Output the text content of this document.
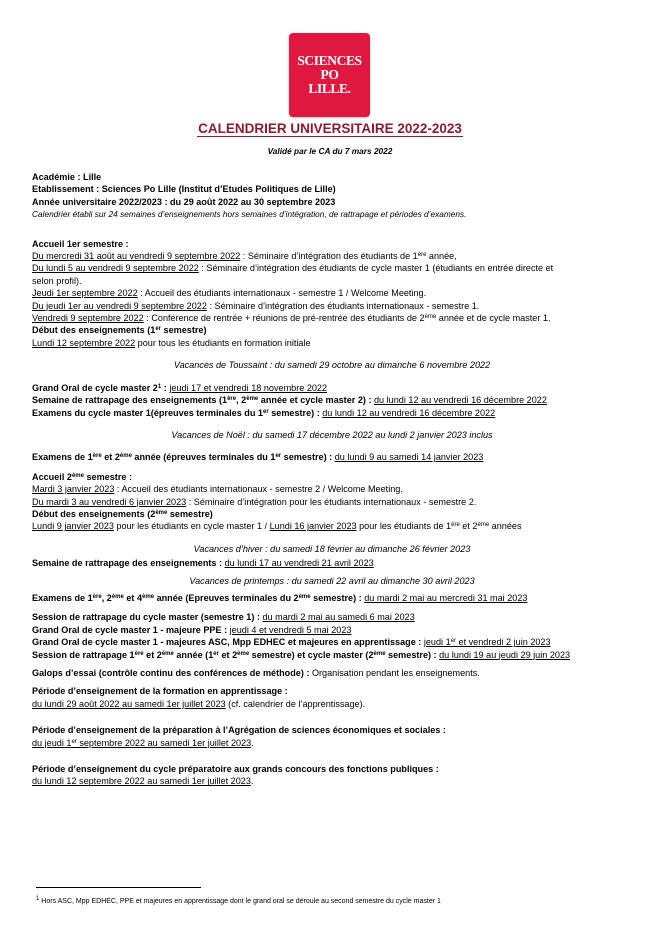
SCIENCES
PO
LILLE.
CALENDRIER UNIVERSITAIRE 2022-2023
Validé par le CA du 7 mars 2022
Académie : Lille
Etablissement : Sciences Po Lille (Institut d’Etudes Politiques de Lille)
Année universitaire 2022/2023 : du 29 août 2022 au 30 septembre 2023
Calendrier établi sur 24 semaines d’enseignements hors semaines d’intégration, de rattrapage et périodes d’examens.
Accueil 1er semestre :
Du mercredi 31 août au vendredi 9 septembre 2022 : Séminaire d’intégration des étudiants de 1ère année,
Du lundi 5 au vendredi 9 septembre 2022 : Séminaire d’intégration des étudiants de cycle master 1 (étudiants en entrée directe et
selon profil).
Jeudi 1er septembre 2022 : Accueil des étudiants internationaux - semestre 1 / Welcome Meeting.
Du jeudi 1er au vendredi 9 septembre 2022 : Séminaire d’intégration des étudiants internationaux - semestre 1.
Vendredi 9 septembre 2022 : Conférence de rentrée + réunions de pré-rentrée des étudiants de 2ème année et de cycle master 1.
Début des enseignements (1er semestre)
Lundi 12 septembre 2022 pour tous les étudiants en formation initiale
Vacances de Toussaint : du samedi 29 octobre au dimanche 6 novembre 2022
Grand Oral de cycle master $2^1$ : jeudi 17 et vendredi 18 novembre 2022
Semaine de rattrapage des enseignements (1ère, 2ème année et cycle master 2) : du lundi 12 au vendredi 16 décembre 2022
Examens du cycle master 1(épreuves terminales du 1er semestre) : du lundi 12 au vendredi 16 décembre 2022
Vacances de Noël : du samedi 17 décembre 2022 au lundi 2 janvier 2023 inclus
Examens de 1ère et 2ème année (épreuves terminales du 1er semestre) : du lundi 9 au samedi 14 janvier 2023
Accueil 2ème semestre :
Mardi 3 janvier 2023 : Accueil des étudiants internationaux - semestre 2 / Welcome Meeting.
Du mardi 3 au vendredi 6 janvier 2023 : Séminaire d’intégration pour les étudiants internationaux - semestre 2.
Début des enseignements (2ème semestre)
Lundi 9 janvier 2023 pour les étudiants en cycle master 1 / Lundi 16 janvier 2023 pour les étudiants de 1ère et 2ème années
Vacances d’hiver : du samedi 18 février au dimanche 26 février 2023
Semaine de rattrapage des enseignements : du lundi 17 au vendredi 21 avril 2023
Vacances de printemps : du samedi 22 avril au dimanche 30 avril 2023
Examens de 1ère, 2ème et 4ème année (Epreuves terminales du 2ème semestre) : du mardi 2 mai au mercredi 31 mai 2023
Session de rattrapage du cycle master (semestre 1) : du mardi 2 mai au samedi 6 mai 2023
Grand Oral de cycle master 1 - majeure PPE : jeudi 4 et vendredi 5 mai 2023
Grand Oral de cycle master 1 - majeures ASC, Mpp EDHEC et majeures en apprentissage : jeudi 1er et vendredi 2 juin 2023
Session de rattrapage 1ère et 2ème année (1er et 2ème semestre) et cycle master (2ème semestre) : du lundi 19 au jeudi 29 juin 2023
Galops d’essai (contrôle continu des conférences de méthode) : Organisation pendant les enseignements.
Période d’enseignement de la formation en apprentissage :
du lundi 29 août 2022 au samedi 1er juillet 2023 (cf. calendrier de l’apprentissage).
Période d’enseignement de la préparation à l’Agrégation de sciences économiques et sociales :
du jeudi 1er septembre 2022 au samedi 1er juillet 2023.
Période d’enseignement du cycle préparatoire aux grands concours des fonctions publiques :
du lundi 12 septembre 2022 au samedi 1er juillet 2023.
$^1$ Hors ASC, Mpp EDHEC, PPE et majeures en apprentissage dont le grand oral se déroule au second semestre du cycle master 1
